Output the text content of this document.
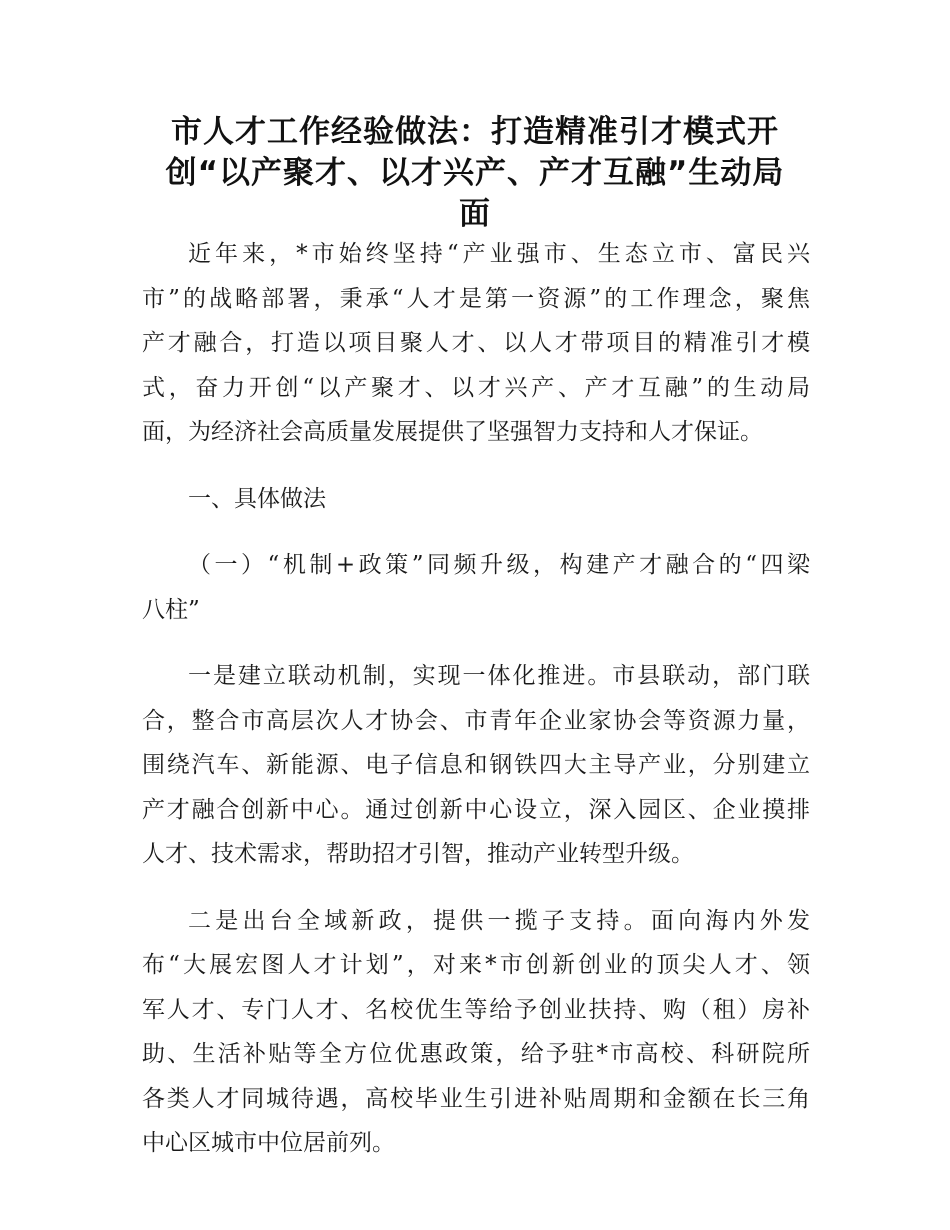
市人才工作经验做法：打造精准引才模式开
创“以产聚才、以才兴产、产才互融”生动局
面
近年来，*市始终坚持“产业强市、生态立市、富民兴
市”的战略部署，秉承“人才是第一资源”的工作理念，聚焦
产才融合，打造以项目聚人才、以人才带项目的精准引才模
式，奋力开创“以产聚才、以才兴产、产才互融”的生动局
面，为经济社会高质量发展提供了坚强智力支持和人才保证。
一、具体做法
（一）“机制+政策”同频升级，构建产才融合的“四梁
八柱”
一是建立联动机制，实现一体化推进。市县联动，部门联
合，整合市高层次人才协会、市青年企业家协会等资源力量，
围绕汽车、新能源、电子信息和钢铁四大主导产业，分别建立
产才融合创新中心。通过创新中心设立，深入园区、企业摸排
人才、技术需求，帮助招才引智，推动产业转型升级。
二是出台全域新政，提供一揽子支持。面向海内外发
布“大展宏图人才计划”，对来*市创新创业的顶尖人才、领
军人才、专门人才、名校优生等给予创业扶持、购（租）房补
助、生活补贴等全方位优惠政策，给予驻*市高校、科研院所
各类人才同城待遇，高校毕业生引进补贴周期和金额在长三角
中心区城市中位居前列。
